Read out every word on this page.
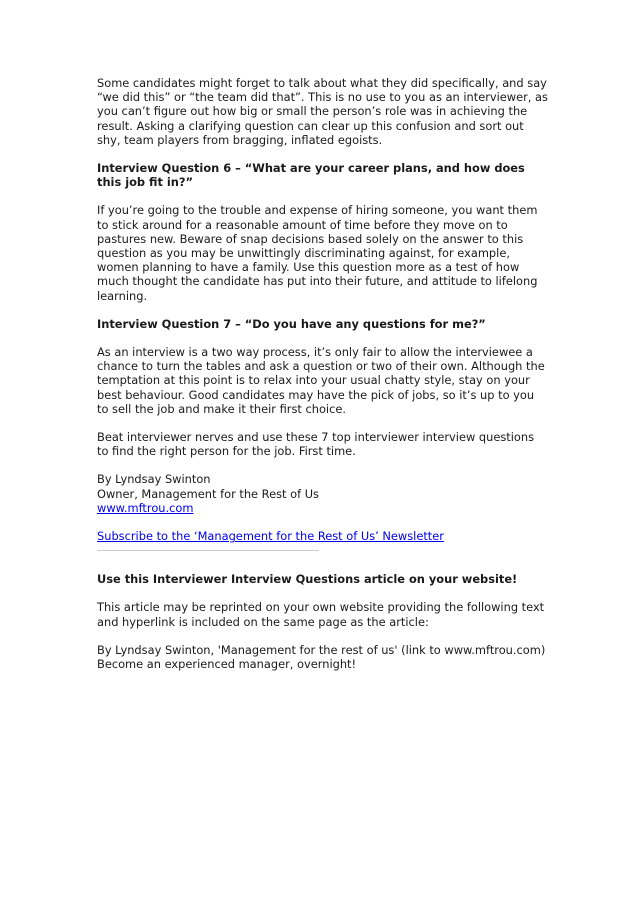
Some candidates might forget to talk about what they did specifically, and say “we did this” or “the team did that”. This is no use to you as an interviewer, as you can’t figure out how big or small the person’s role was in achieving the result. Asking a clarifying question can clear up this confusion and sort out shy, team players from bragging, inflated egoists.

Interview Question 6 – “What are your career plans, and how does this job fit in?”

If you’re going to the trouble and expense of hiring someone, you want them to stick around for a reasonable amount of time before they move on to pastures new. Beware of snap decisions based solely on the answer to this question as you may be unwittingly discriminating against, for example, women planning to have a family. Use this question more as a test of how much thought the candidate has put into their future, and attitude to lifelong learning.

Interview Question 7 – “Do you have any questions for me?”

As an interview is a two way process, it’s only fair to allow the interviewee a chance to turn the tables and ask a question or two of their own. Although the temptation at this point is to relax into your usual chatty style, stay on your best behaviour. Good candidates may have the pick of jobs, so it’s up to you to sell the job and make it their first choice.

Beat interviewer nerves and use these 7 top interviewer interview questions to find the right person for the job. First time.

By Lyndsay Swinton

Owner, Management for the Rest of Us

www.mftrou.com

Subscribe to the ‘Management for the Rest of Us’ Newsletter

Use this Interviewer Interview Questions article on your website!

This article may be reprinted on your own website providing the following text and hyperlink is included on the same page as the article:

By Lyndsay Swinton, 'Management for the rest of us' (link to www.mftrou.com)

Become an experienced manager, overnight!
